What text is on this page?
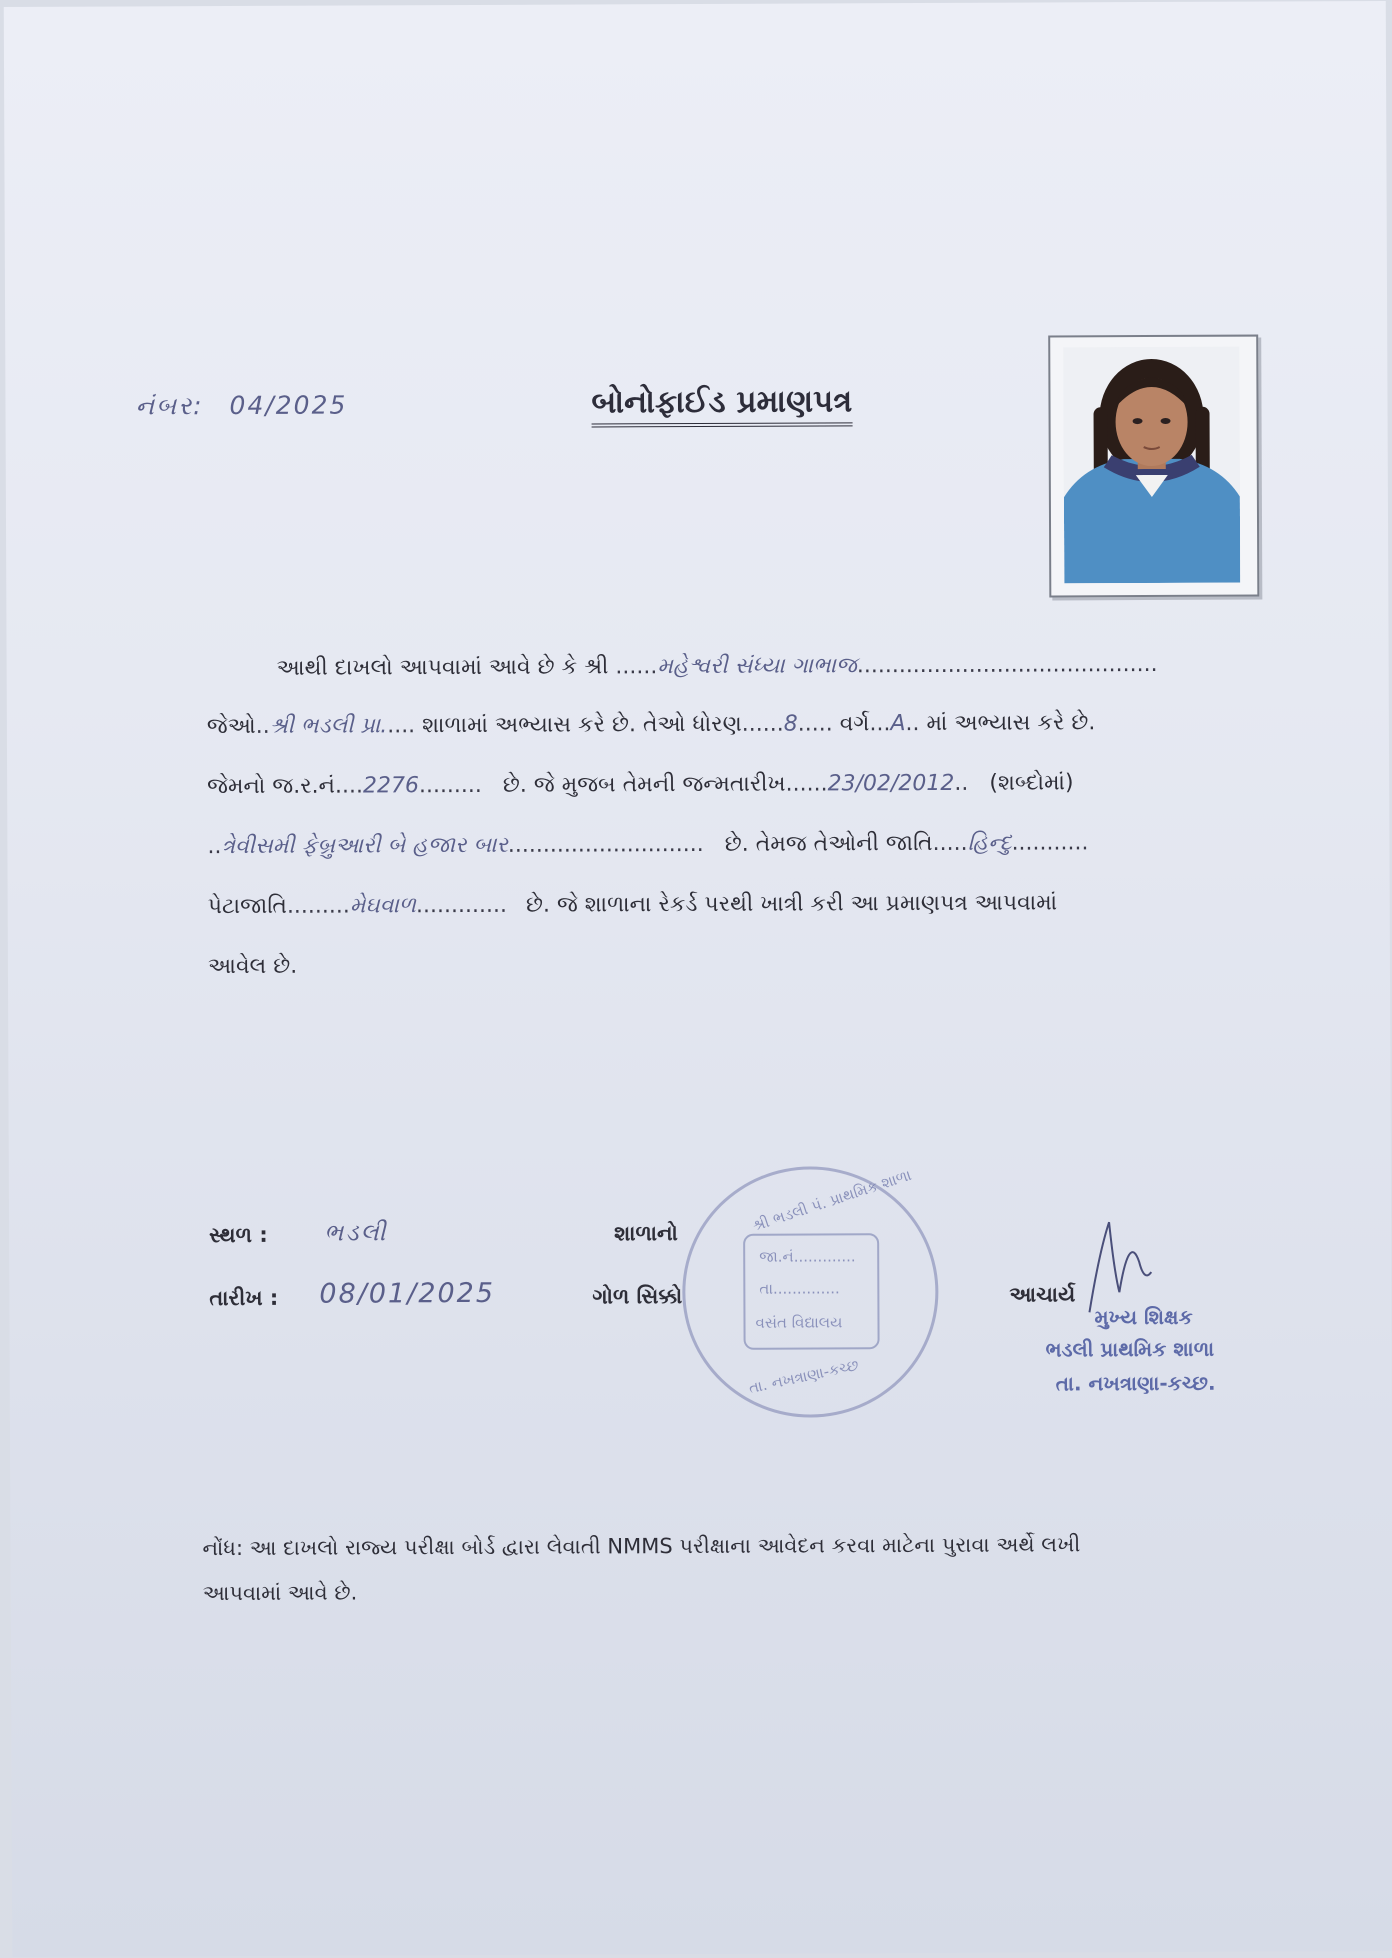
નંબર: 04/2025	બોનોફાઈડ પ્રમાણપત્ર
આથી દાખલો આપવામાં આવે છે કે શ્રી ......મહેશ્વરી સંધ્યા ગાભાજ...........................................
જેઓ..શ્રી ભડલી પ્રા..... શાળામાં અભ્યાસ કરે છે. તેઓ ધોરણ......8..... વર્ગ...A.. માં અભ્યાસ કરે છે.
જેમનો જ.ર.નં....2276......... છે. જે મુજબ તેમની જન્મતારીખ......23/02/2012.. (શબ્દોમાં)
..ત્રેવીસમી ફેબ્રુઆરી બે હજાર બાર............................ છે. તેમજ તેઓની જાતિ.....હિન્દુ...........
પેટાજાતિ.........મેઘવાળ............. છે. જે શાળાના રેકર્ડ પરથી ખાત્રી કરી આ પ્રમાણપત્ર આપવામાં
આવેલ છે.
સ્થળ : ભડલી
તારીખ : 08/01/2025
શાળાનો
ગોળ સિક્કો
શ્રી ભડલી પં. પ્રાથમિક શાળા
જા.નં.............
તા..............
વસંત વિદ્યાલય
તા. નખત્રાણા-કચ્છ
આચાર્ય
મુખ્ય શિક્ષક
ભડલી પ્રાથમિક શાળા
તા. નખત્રાણા-કચ્છ.
નોંધ: આ દાખલો રાજ્ય પરીક્ષા બોર્ડ દ્વારા લેવાતી NMMS પરીક્ષાના આવેદન કરવા માટેના પુરાવા અર્થે લખી
આપવામાં આવે છે.
